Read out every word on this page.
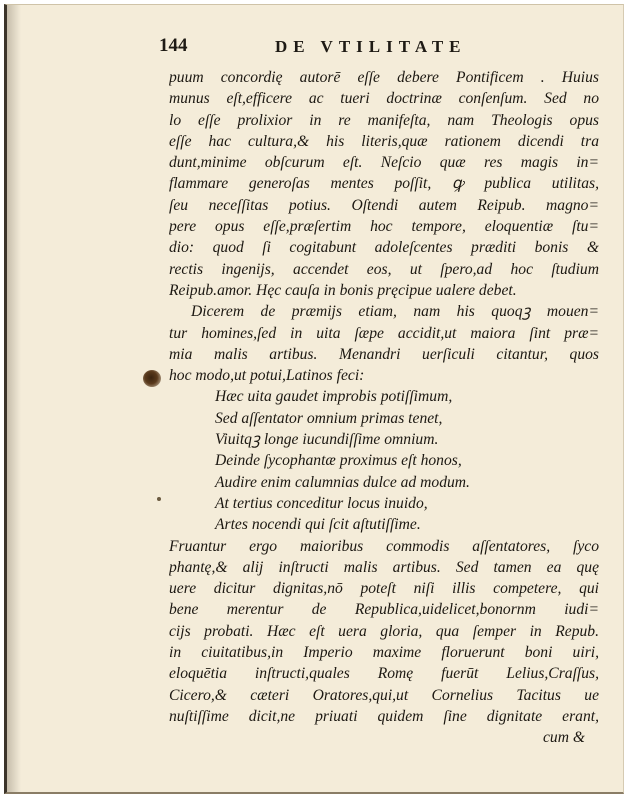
144	DE VTILITATE
puum concordię autorē eſſe debere Pontificem . Huius
munus eſt,efficere ac tueri doctrinæ conſenſum. Sed no
lo eſſe prolixior in re manifeſta, nam Theologis opus
eſſe hac cultura,& his literis,quæ rationem dicendi tra
dunt,minime obſcurum eſt. Neſcio quæ res magis in=
flammare generoſas mentes poſſit, ꝙ publica utilitas,
ſeu neceſſitas potius. Oſtendi autem Reipub. magno=
pere opus eſſe,præſertim hoc tempore, eloquentiæ ſtu=
dio: quod ſi cogitabunt adoleſcentes præditi bonis &
rectis ingenijs, accendet eos, ut ſpero,ad hoc ſtudium
Reipub.amor. Hęc cauſa in bonis pręcipue ualere debet.
Dicerem de præmijs etiam, nam his quoqꝫ mouen=
tur homines,ſed in uita ſæpe accidit,ut maiora ſint præ=
mia malis artibus. Menandri uerſiculi citantur, quos
hoc modo,ut potui,Latinos feci:
Hæc uita gaudet improbis potiſſimum,
Sed aſſentator omnium primas tenet,
Viuitqꝫ longe iucundiſſime omnium.
Deinde ſycophantæ proximus eſt honos,
Audire enim calumnias dulce ad modum.
At tertius conceditur locus inuido,
Artes nocendi qui ſcit aſtutiſſime.
Fruantur ergo maioribus commodis aſſentatores, ſyco
phantę,& alij inſtructi malis artibus. Sed tamen ea quę
uere dicitur dignitas,nō poteſt niſi illis competere, qui
bene merentur de Republica,uidelicet,bonornm iudi=
cijs probati. Hæc eſt uera gloria, qua ſemper in Repub.
in ciuitatibus,in Imperio maxime floruerunt boni uiri,
eloquētia inſtructi,quales Romę fuerūt Lelius,Craſſus,
Cicero,& cæteri Oratores,qui,ut Cornelius Tacitus ue
nuſtiſſime dicit,ne priuati quidem ſine dignitate erant,
cum &
